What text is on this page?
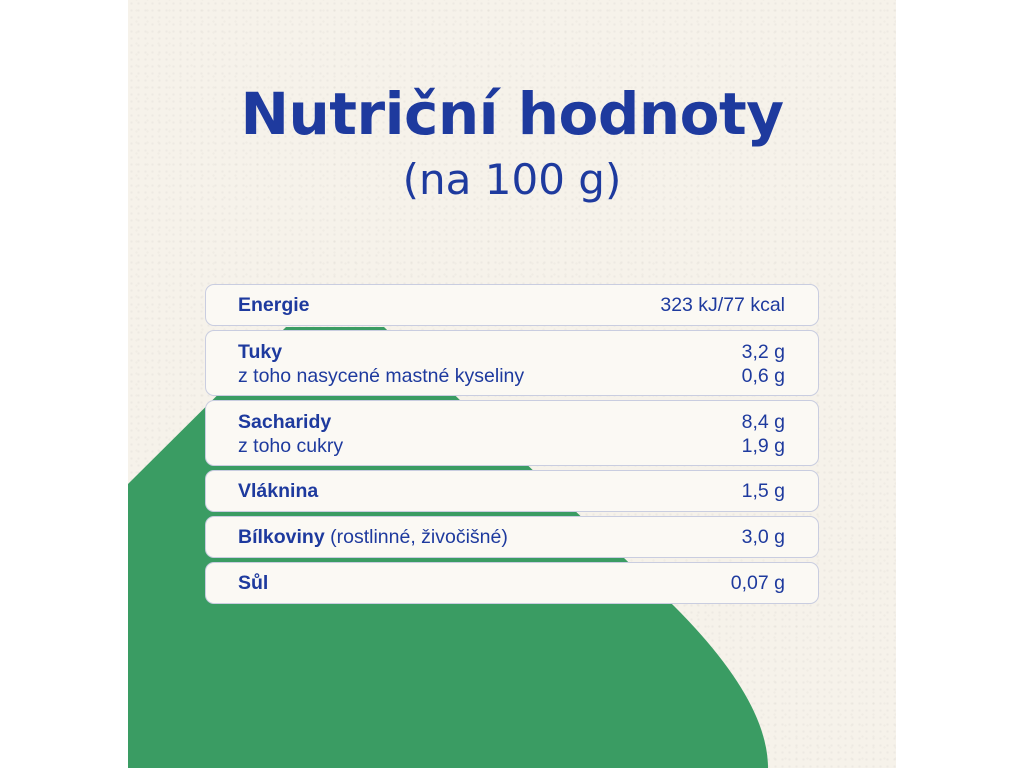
Nutriční hodnoty
(na 100 g)
Energie	323 kJ/77 kcal
Tuky	3,2 g
z toho nasycené mastné kyseliny	0,6 g
Sacharidy	8,4 g
z toho cukry	1,9 g
Vláknina	1,5 g
Bílkoviny (rostlinné, živočišné)	3,0 g
Sůl	0,07 g
